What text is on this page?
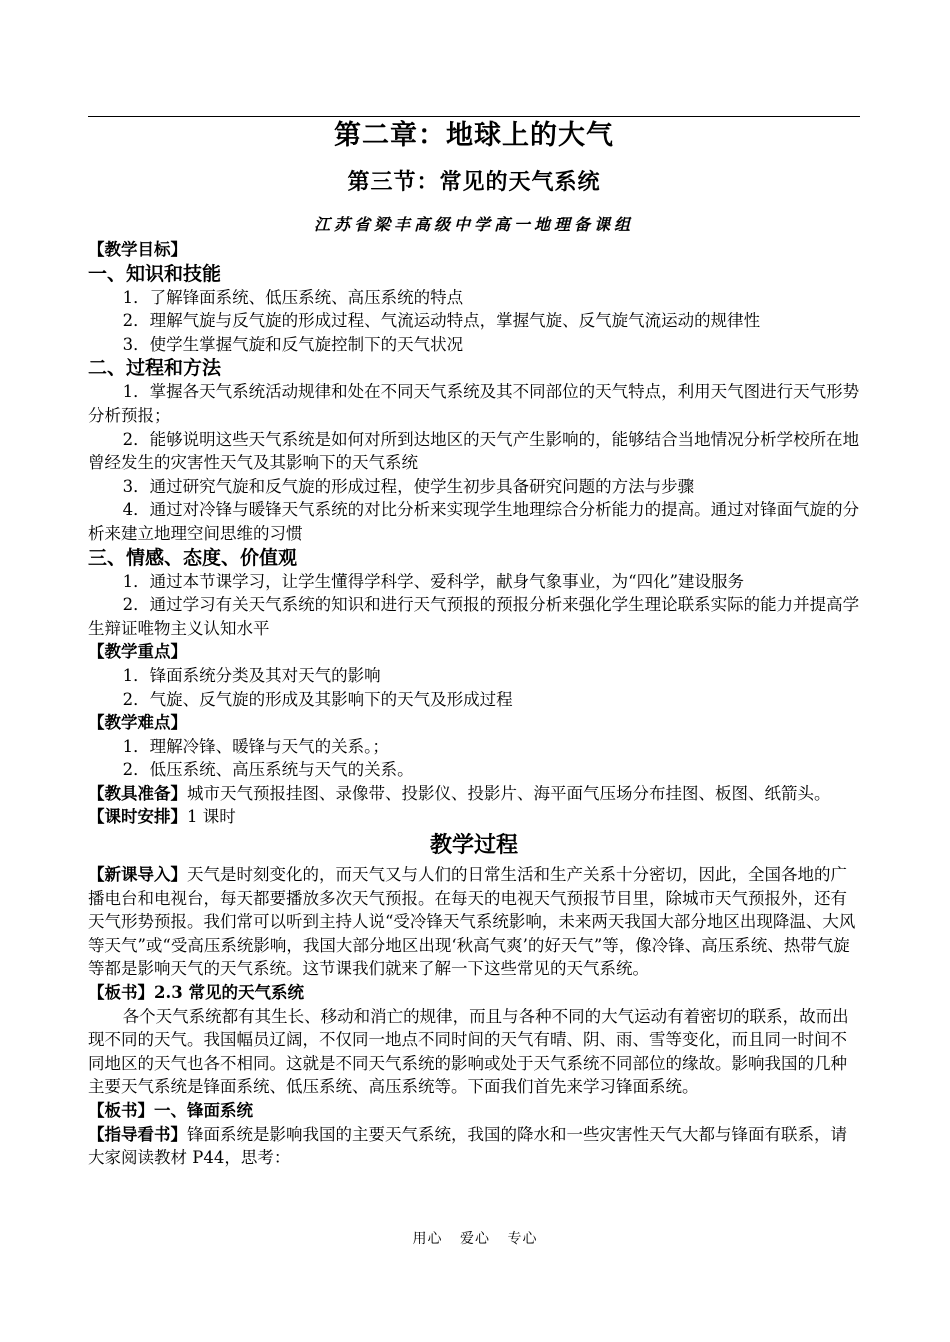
第二章：地球上的大气
第三节：常见的天气系统
江苏省梁丰高级中学高一地理备课组

【教学目标】

一、知识和技能

1．了解锋面系统、低压系统、高压系统的特点

2．理解气旋与反气旋的形成过程、气流运动特点，掌握气旋、反气旋气流运动的规律性

3．使学生掌握气旋和反气旋控制下的天气状况

二、过程和方法

1．掌握各天气系统活动规律和处在不同天气系统及其不同部位的天气特点，利用天气图进行天气形势分析预报；

2．能够说明这些天气系统是如何对所到达地区的天气产生影响的，能够结合当地情况分析学校所在地曾经发生的灾害性天气及其影响下的天气系统

3．通过研究气旋和反气旋的形成过程，使学生初步具备研究问题的方法与步骤

4．通过对冷锋与暖锋天气系统的对比分析来实现学生地理综合分析能力的提高。通过对锋面气旋的分析来建立地理空间思维的习惯

三、情感、态度、价值观

1．通过本节课学习，让学生懂得学科学、爱科学，献身气象事业，为“四化”建设服务

2．通过学习有关天气系统的知识和进行天气预报的预报分析来强化学生理论联系实际的能力并提高学生辩证唯物主义认知水平

【教学重点】

1．锋面系统分类及其对天气的影响

2．气旋、反气旋的形成及其影响下的天气及形成过程

【教学难点】

1．理解冷锋、暖锋与天气的关系。；

2．低压系统、高压系统与天气的关系。

【教具准备】城市天气预报挂图、录像带、投影仪、投影片、海平面气压场分布挂图、板图、纸箭头。

【课时安排】1 课时

教学过程

【新课导入】天气是时刻变化的，而天气又与人们的日常生活和生产关系十分密切，因此，全国各地的广播电台和电视台，每天都要播放多次天气预报。在每天的电视天气预报节目里，除城市天气预报外，还有天气形势预报。我们常可以听到主持人说“受冷锋天气系统影响，未来两天我国大部分地区出现降温、大风等天气”或“受高压系统影响，我国大部分地区出现‘秋高气爽’的好天气”等，像冷锋、高压系统、热带气旋等都是影响天气的天气系统。这节课我们就来了解一下这些常见的天气系统。

【板书】2.3 常见的天气系统

各个天气系统都有其生长、移动和消亡的规律，而且与各种不同的大气运动有着密切的联系，故而出现不同的天气。我国幅员辽阔，不仅同一地点不同时间的天气有晴、阴、雨、雪等变化，而且同一时间不同地区的天气也各不相同。这就是不同天气系统的影响或处于天气系统不同部位的缘故。影响我国的几种主要天气系统是锋面系统、低压系统、高压系统等。下面我们首先来学习锋面系统。

【板书】一、锋面系统

【指导看书】锋面系统是影响我国的主要天气系统，我国的降水和一些灾害性天气大都与锋面有联系，请大家阅读教材 P44，思考：

用心 爱心 专心
